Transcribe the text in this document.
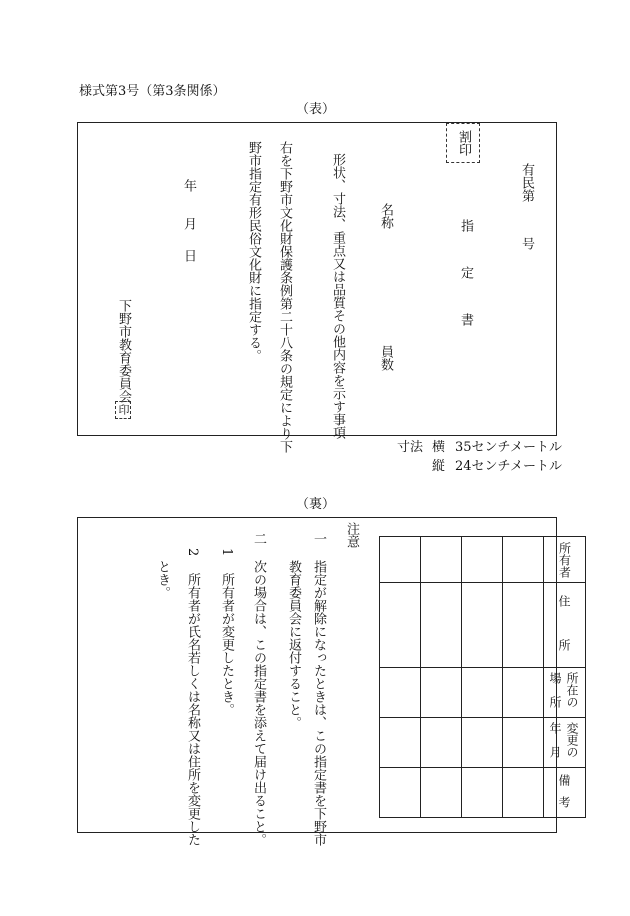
様式第3号（第3条関係）
（表）
割印
有民第
号
指
定
書
名称
員数
形状、寸法、重点又は品質その他内容を示す事項
右を下野市文化財保護条例第二十八条の規定により下
野市指定有形民俗文化財に指定する。
年
月
日
下野市教育委員会
印
寸法 横 35センチメートル
縦 24センチメートル
（裏）
注意
一
指定が解除になったときは、この指定書を下野市
教育委員会に返付すること。
二
次の場合は、この指定書を添えて届け出ること。
1
所有者が変更したとき。
2
所有者が氏名若しくは名称又は住所を変更した
とき。

				所有者

				住
所

				所在の
場　所

				変更の
年　月

				備
考
